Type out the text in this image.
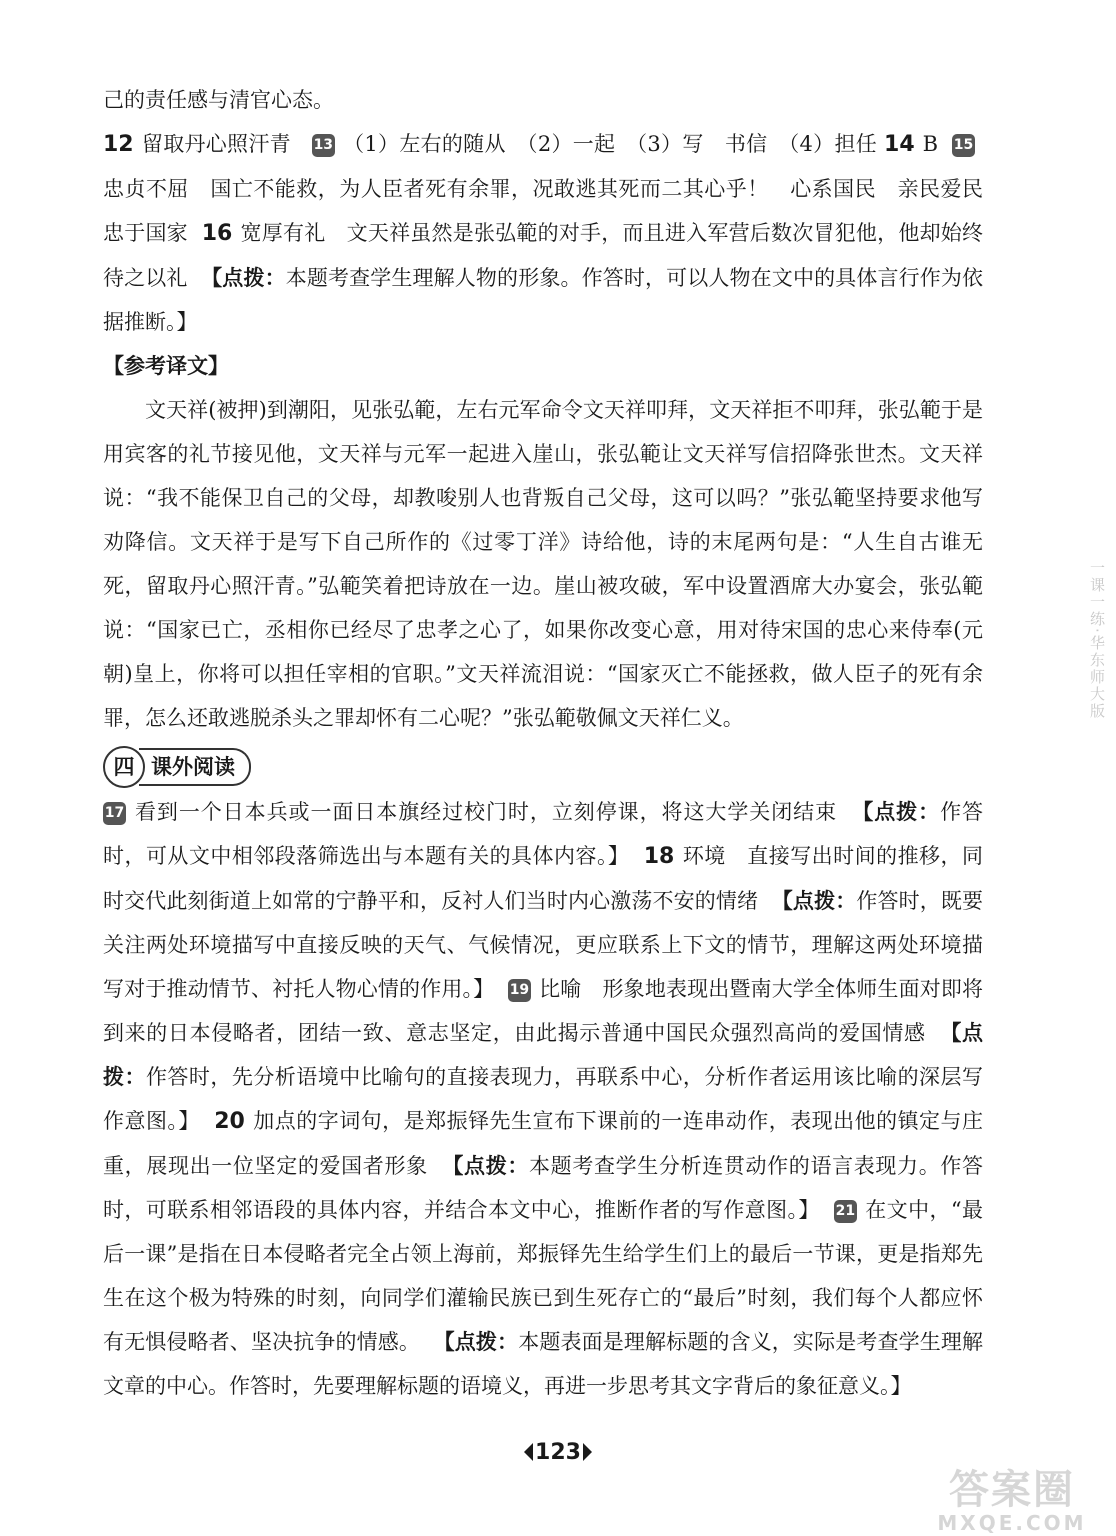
己的责任感与清官心态。
12 留取丹心照汗青 13 （1）左右的随从　（2）一起　（3）写　书信　（4）担任 14 B 15忠贞不屈　国亡不能救，为人臣者死有余罪，况敢逃其死而二其心乎！　心系国民　亲民爱民　忠于国家 16 宽厚有礼　文天祥虽然是张弘範的对手，而且进入军营后数次冒犯他，他却始终待之以礼 【点拨：本题考查学生理解人物的形象。作答时，可以人物在文中的具体言行作为依据推断。】

【参考译文】

文天祥(被押)到潮阳，见张弘範，左右元军命令文天祥叩拜，文天祥拒不叩拜，张弘範于是用宾客的礼节接见他，文天祥与元军一起进入崖山，张弘範让文天祥写信招降张世杰。文天祥说：“我不能保卫自己的父母，却教唆别人也背叛自己父母，这可以吗？”张弘範坚持要求他写劝降信。文天祥于是写下自己所作的《过零丁洋》诗给他，诗的末尾两句是：“人生自古谁无死，留取丹心照汗青。”弘範笑着把诗放在一边。崖山被攻破，军中设置酒席大办宴会，张弘範说：“国家已亡，丞相你已经尽了忠孝之心了，如果你改变心意，用对待宋国的忠心来侍奉(元朝)皇上，你将可以担任宰相的官职。”文天祥流泪说：“国家灭亡不能拯救，做人臣子的死有余罪，怎么还敢逃脱杀头之罪却怀有二心呢？”张弘範敬佩文天祥仁义。

四 课外阅读

17 看到一个日本兵或一面日本旗经过校门时，立刻停课，将这大学关闭结束 【点拨：作答时，可从文中相邻段落筛选出与本题有关的具体内容。】 18 环境　直接写出时间的推移，同时交代此刻街道上如常的宁静平和，反衬人们当时内心激荡不安的情绪 【点拨：作答时，既要关注两处环境描写中直接反映的天气、气候情况，更应联系上下文的情节，理解这两处环境描写对于推动情节、衬托人物心情的作用。】 19 比喻　形象地表现出暨南大学全体师生面对即将到来的日本侵略者，团结一致、意志坚定，由此揭示普通中国民众强烈高尚的爱国情感 【点拨：作答时，先分析语境中比喻句的直接表现力，再联系中心，分析作者运用该比喻的深层写作意图。】 20 加点的字词句，是郑振铎先生宣布下课前的一连串动作，表现出他的镇定与庄重，展现出一位坚定的爱国者形象 【点拨：本题考查学生分析连贯动作的语言表现力。作答时，可联系相邻语段的具体内容，并结合本文中心，推断作者的写作意图。】 21 在文中，“最后一课”是指在日本侵略者完全占领上海前，郑振铎先生给学生们上的最后一节课，更是指郑先生在这个极为特殊的时刻，向同学们灌输民族已到生死存亡的“最后”时刻，我们每个人都应怀有无惧侵略者、坚决抗争的情感。 【点拨：本题表面是理解标题的含义，实际是考查学生理解文章的中心。作答时，先要理解标题的语境义，再进一步思考其文字背后的象征意义。】

一课一练·华东师大版
123
答案圈
MXQE.COM
